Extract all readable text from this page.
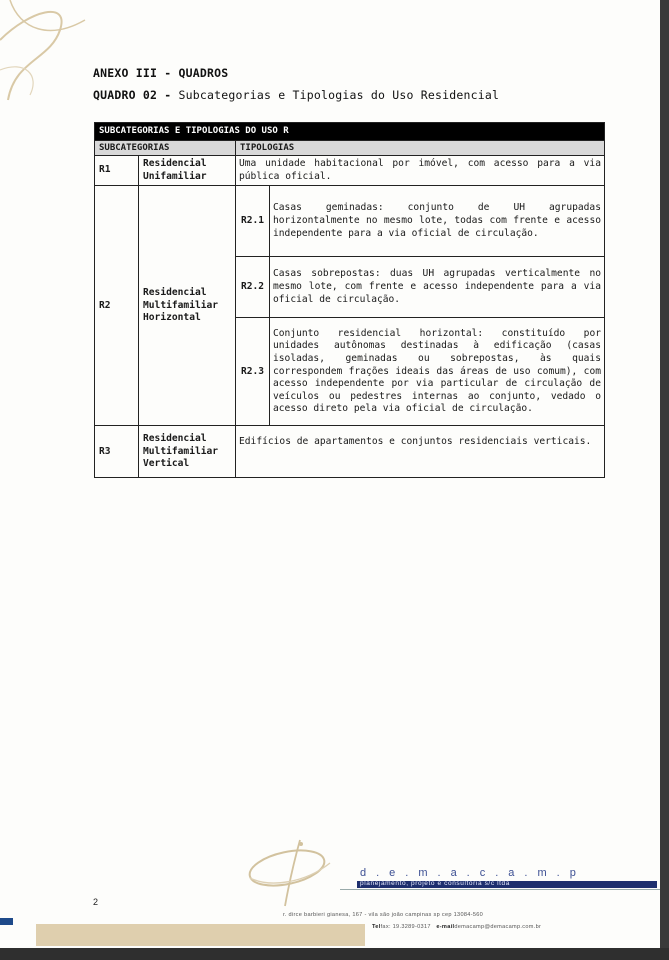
ANEXO III - QUADROS
QUADRO 02 - Subcategorias e Tipologias do Uso Residencial
SUBCATEGORIAS E TIPOLOGIAS DO USO R			
SUBCATEGORIAS		TIPOLOGIAS	
R1	Residencial Unifamiliar	Uma unidade habitacional por imóvel, com acesso para a via pública oficial.	
R2	Residencial Multifamiliar Horizontal	R2.1	Casas geminadas: conjunto de UH agrupadas horizontalmente no mesmo lote, todas com frente e acesso independente para a via oficial de circulação.
		R2.2	Casas sobrepostas: duas UH agrupadas verticalmente no mesmo lote, com frente e acesso independente para a via oficial de circulação.
		R2.3	Conjunto residencial horizontal: constituído por unidades autônomas destinadas à edificação (casas isoladas, geminadas ou sobrepostas, às quais correspondem frações ideais das áreas de uso comum), com acesso independente por via particular de circulação de veículos ou pedestres internas ao conjunto, vedado o acesso direto pela via oficial de circulação.
R3	Residencial Multifamiliar Vertical	Edifícios de apartamentos e conjuntos residenciais verticais.	
2
d.e.m.a.c.a.m.p
planejamento, projeto e consultoria s/c ltda
r. dirce barbieri gianesa, 167 - vila são joão campinas sp cep 13084-560
Telfax: 19.3289-0317 e-maildemacamp@demacamp.com.br
